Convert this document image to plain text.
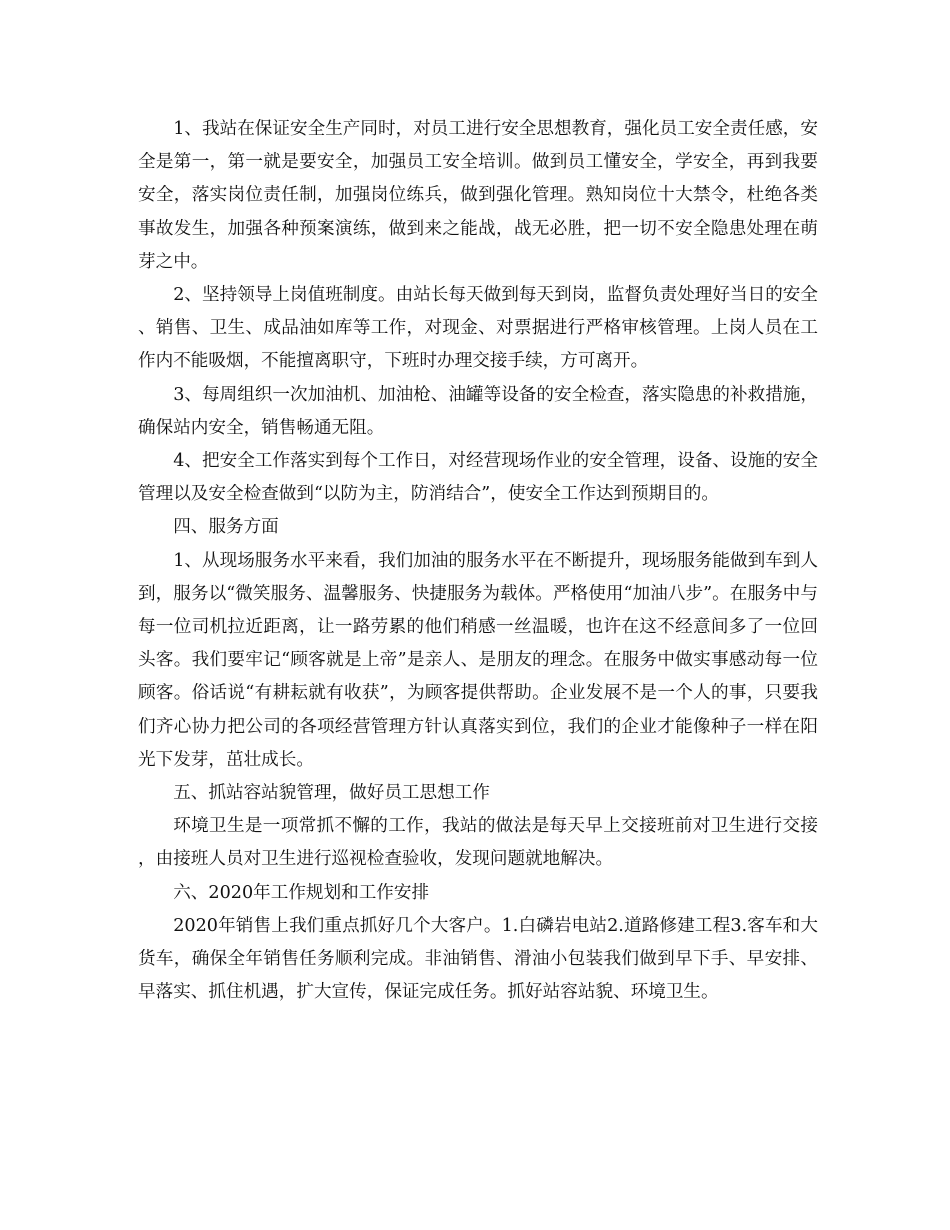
1、我站在保证安全生产同时，对员工进行安全思想教育，强化员工安全责任感，安全是第一，第一就是要安全，加强员工安全培训。做到员工懂安全，学安全，再到我要安全，落实岗位责任制，加强岗位练兵，做到强化管理。熟知岗位十大禁令，杜绝各类事故发生，加强各种预案演练，做到来之能战，战无必胜，把一切不安全隐患处理在萌芽之中。

2、坚持领导上岗值班制度。由站长每天做到每天到岗，监督负责处理好当日的安全、销售、卫生、成品油如库等工作，对现金、对票据进行严格审核管理。上岗人员在工作内不能吸烟，不能擅离职守，下班时办理交接手续，方可离开。

3、每周组织一次加油机、加油枪、油罐等设备的安全检查，落实隐患的补救措施，确保站内安全，销售畅通无阻。

4、把安全工作落实到每个工作日，对经营现场作业的安全管理，设备、设施的安全管理以及安全检查做到“以防为主，防消结合”，使安全工作达到预期目的。

四、服务方面

1、从现场服务水平来看，我们加油的服务水平在不断提升，现场服务能做到车到人到，服务以“微笑服务、温馨服务、快捷服务为载体。严格使用“加油八步”。在服务中与每一位司机拉近距离，让一路劳累的他们稍感一丝温暖，也许在这不经意间多了一位回头客。我们要牢记“顾客就是上帝”是亲人、是朋友的理念。在服务中做实事感动每一位顾客。俗话说“有耕耘就有收获”，为顾客提供帮助。企业发展不是一个人的事，只要我们齐心协力把公司的各项经营管理方针认真落实到位，我们的企业才能像种子一样在阳光下发芽，茁壮成长。

五、抓站容站貌管理，做好员工思想工作

环境卫生是一项常抓不懈的工作，我站的做法是每天早上交接班前对卫生进行交接，由接班人员对卫生进行巡视检查验收，发现问题就地解决。

六、2020年工作规划和工作安排

2020年销售上我们重点抓好几个大客户。1.白磷岩电站2.道路修建工程3.客车和大货车，确保全年销售任务顺利完成。非油销售、滑油小包装我们做到早下手、早安排、早落实、抓住机遇，扩大宣传，保证完成任务。抓好站容站貌、环境卫生。
